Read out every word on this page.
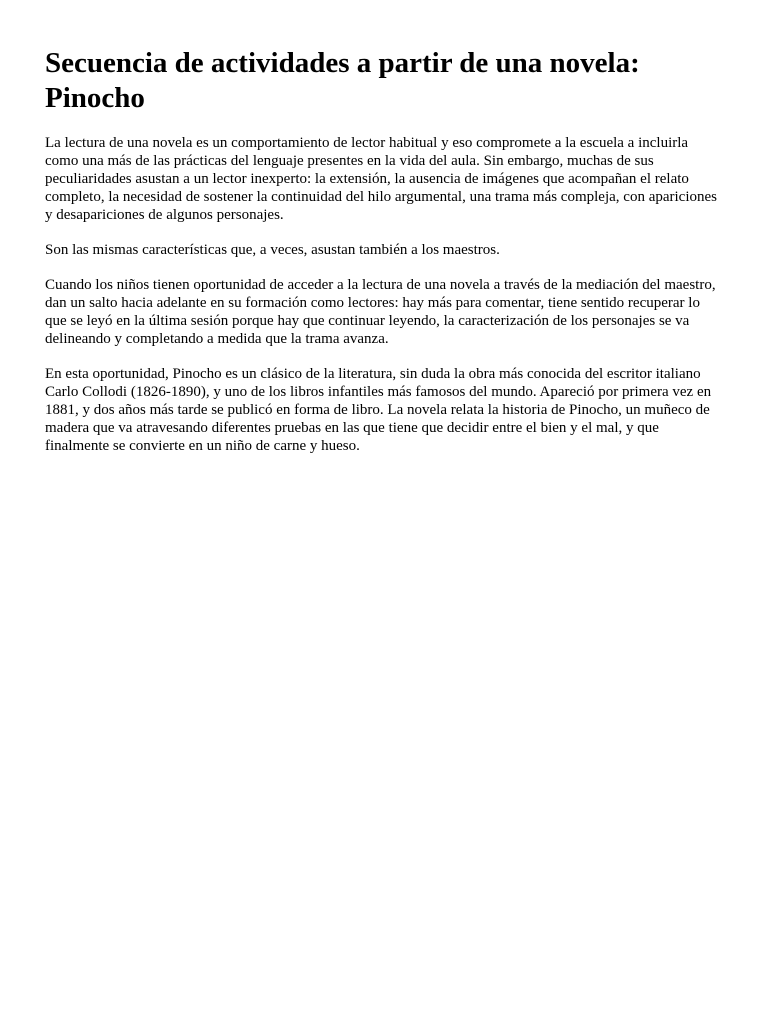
Secuencia de actividades a partir de una novela: Pinocho

La lectura de una novela es un comportamiento de lector habitual y eso compromete a la escuela a incluirla como una más de las prácticas del lenguaje presentes en la vida del aula. Sin embargo, muchas de sus peculiaridades asustan a un lector inexperto: la extensión, la ausencia de imágenes que acompañan el relato completo, la necesidad de sostener la continuidad del hilo argumental, una trama más compleja, con apariciones y desapariciones de algunos personajes.

Son las mismas características que, a veces, asustan también a los maestros.

Cuando los niños tienen oportunidad de acceder a la lectura de una novela a través de la mediación del maestro, dan un salto hacia adelante en su formación como lectores: hay más para comentar, tiene sentido recuperar lo que se leyó en la última sesión porque hay que continuar leyendo, la caracterización de los personajes se va delineando y completando a medida que la trama avanza.

En esta oportunidad, Pinocho es un clásico de la literatura, sin duda la obra más conocida del escritor italiano Carlo Collodi (1826-1890), y uno de los libros infantiles más famosos del mundo. Apareció por primera vez en 1881, y dos años más tarde se publicó en forma de libro. La novela relata la historia de Pinocho, un muñeco de madera que va atravesando diferentes pruebas en las que tiene que decidir entre el bien y el mal, y que finalmente se convierte en un niño de carne y hueso.
